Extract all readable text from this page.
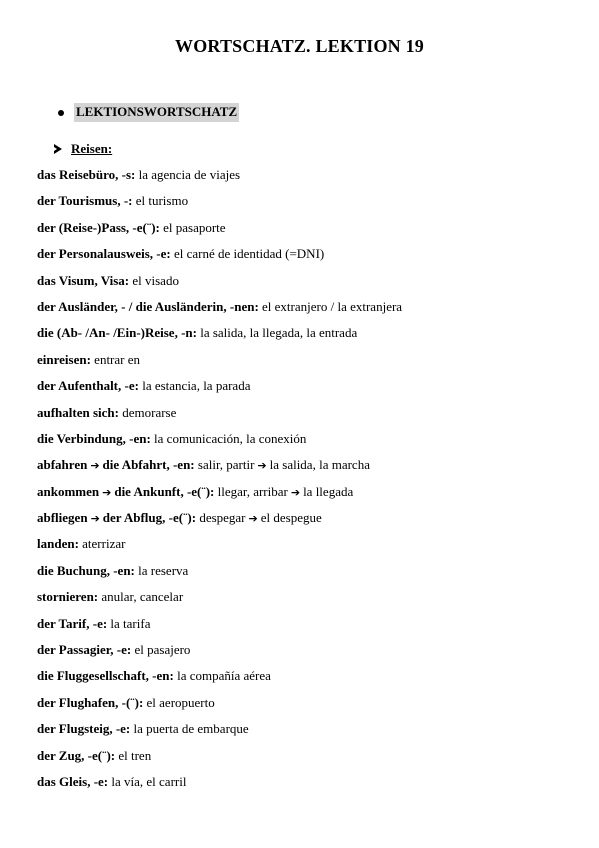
WORTSCHATZ. LEKTION 19
LEKTIONSWORTSCHATZ
Reisen:
das Reisebüro, -s: la agencia de viajes
der Tourismus, -: el turismo
der (Reise-)Pass, -e(¨): el pasaporte
der Personalausweis, -e: el carné de identidad (=DNI)
das Visum, Visa: el visado
der Ausländer, - / die Ausländerin, -nen: el extranjero / la extranjera
die (Ab- /An- /Ein-)Reise, -n: la salida, la llegada, la entrada
einreisen: entrar en
der Aufenthalt, -e: la estancia, la parada
aufhalten sich: demorarse
die Verbindung, -en: la comunicación, la conexión
abfahren ➔ die Abfahrt, -en: salir, partir ➔ la salida, la marcha
ankommen ➔ die Ankunft, -e(¨): llegar, arribar ➔ la llegada
abfliegen ➔ der Abflug, -e(¨): despegar ➔ el despegue
landen: aterrizar
die Buchung, -en: la reserva
stornieren: anular, cancelar
der Tarif, -e: la tarifa
der Passagier, -e: el pasajero
die Fluggesellschaft, -en: la compañía aérea
der Flughafen, -(¨): el aeropuerto
der Flugsteig, -e: la puerta de embarque
der Zug, -e(¨): el tren
das Gleis, -e: la vía, el carril
